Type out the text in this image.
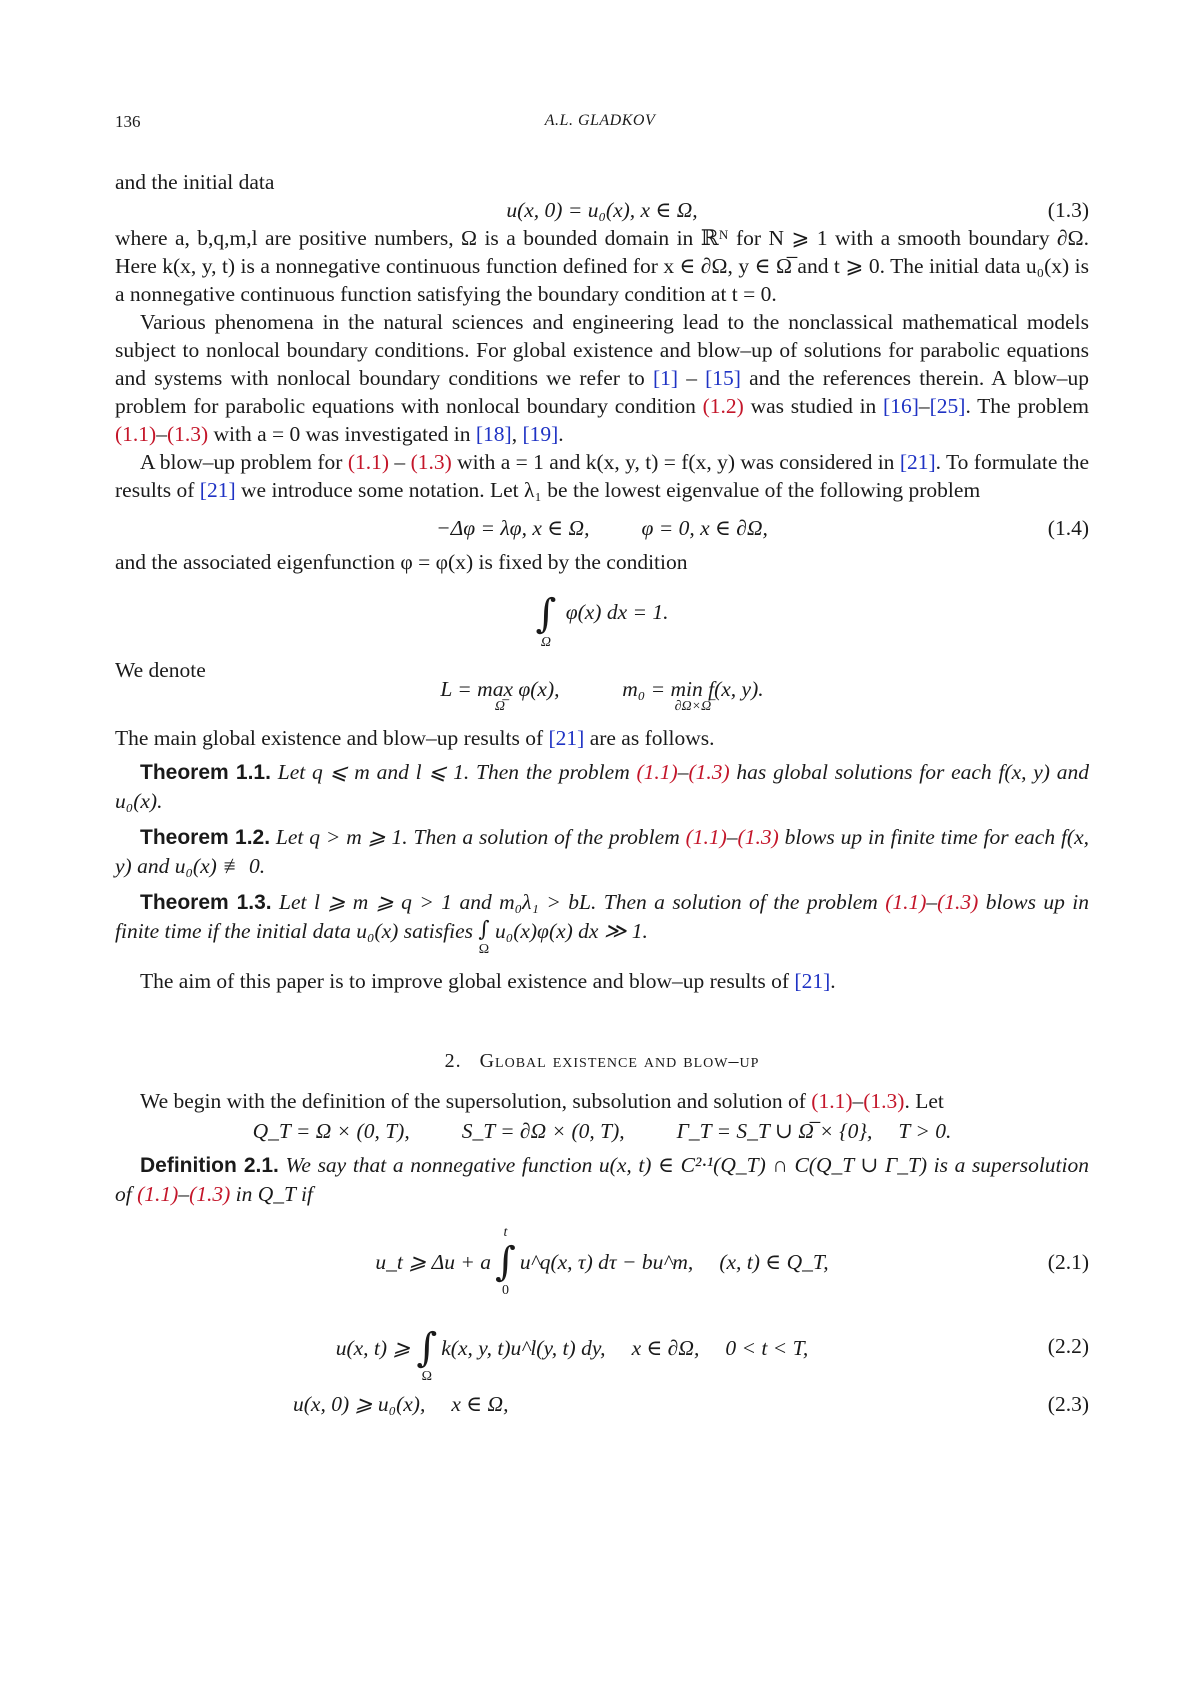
136	A.L. GLADKOV

and the initial data

u(x, 0) = u₀(x), x ∈ Ω,	(1.3)

where a, b,q,m,l are positive numbers, Ω is a bounded domain in ℝᴺ for N ⩾ 1 with a smooth boundary ∂Ω. Here k(x, y, t) is a nonnegative continuous function defined for x ∈ ∂Ω, y ∈ Ω̅ and t ⩾ 0. The initial data u₀(x) is a nonnegative continuous function satisfying the boundary condition at t = 0.

Various phenomena in the natural sciences and engineering lead to the nonclassical mathematical models subject to nonlocal boundary conditions. For global existence and blow–up of solutions for parabolic equations and systems with nonlocal boundary conditions we refer to [1] – [15] and the references therein. A blow–up problem for parabolic equations with nonlocal boundary condition (1.2) was studied in [16]–[25]. The problem (1.1)–(1.3) with a = 0 was investigated in [18], [19].

A blow–up problem for (1.1) – (1.3) with a = 1 and k(x, y, t) = f(x, y) was considered in [21]. To formulate the results of [21] we introduce some notation. Let λ₁ be the lowest eigenvalue of the following problem

−Δφ = λφ, x ∈ Ω, φ = 0, x ∈ ∂Ω,	(1.4)

and the associated eigenfunction φ = φ(x) is fixed by the condition

∫
Ω
φ(x) dx = 1.

We denote

L = max φ(x),
Ω̅

m₀ = min f(x, y).
∂Ω×Ω̅

The main global existence and blow–up results of [21] are as follows.

Theorem 1.1. Let q ⩽ m and l ⩽ 1. Then the problem (1.1)–(1.3) has global solutions for each f(x, y) and u₀(x).

Theorem 1.2. Let q > m ⩾ 1. Then a solution of the problem (1.1)–(1.3) blows up in finite time for each f(x, y) and u₀(x) ≢ 0.

Theorem 1.3. Let l ⩾ m ⩾ q > 1 and m₀λ₁ > bL. Then a solution of the problem (1.1)–(1.3) blows up in finite time if the initial data u₀(x) satisfies ∫
Ω
u₀(x)φ(x) dx ≫ 1.

The aim of this paper is to improve global existence and blow–up results of [21].

2. Global existence and blow–up

We begin with the definition of the supersolution, subsolution and solution of (1.1)–(1.3). Let

Q_T = Ω × (0, T), S_T = ∂Ω × (0, T), Γ_T = S_T ∪ Ω̅ × {0}, T > 0.

Definition 2.1. We say that a nonnegative function u(x, t) ∈ C²·¹(Q_T) ∩ C(Q_T ∪ Γ_T) is a supersolution of (1.1)–(1.3) in Q_T if

u_t ⩾ Δu + a
t
∫
0
u^q(x, τ) dτ − bu^m, (x, t) ∈ Q_T,	(2.1)
u(x, t) ⩾
∫
Ω
k(x, y, t)u^l(y, t) dy, x ∈ ∂Ω, 0 < t < T,	(2.2)
u(x, 0) ⩾ u₀(x), x ∈ Ω,	(2.3)
